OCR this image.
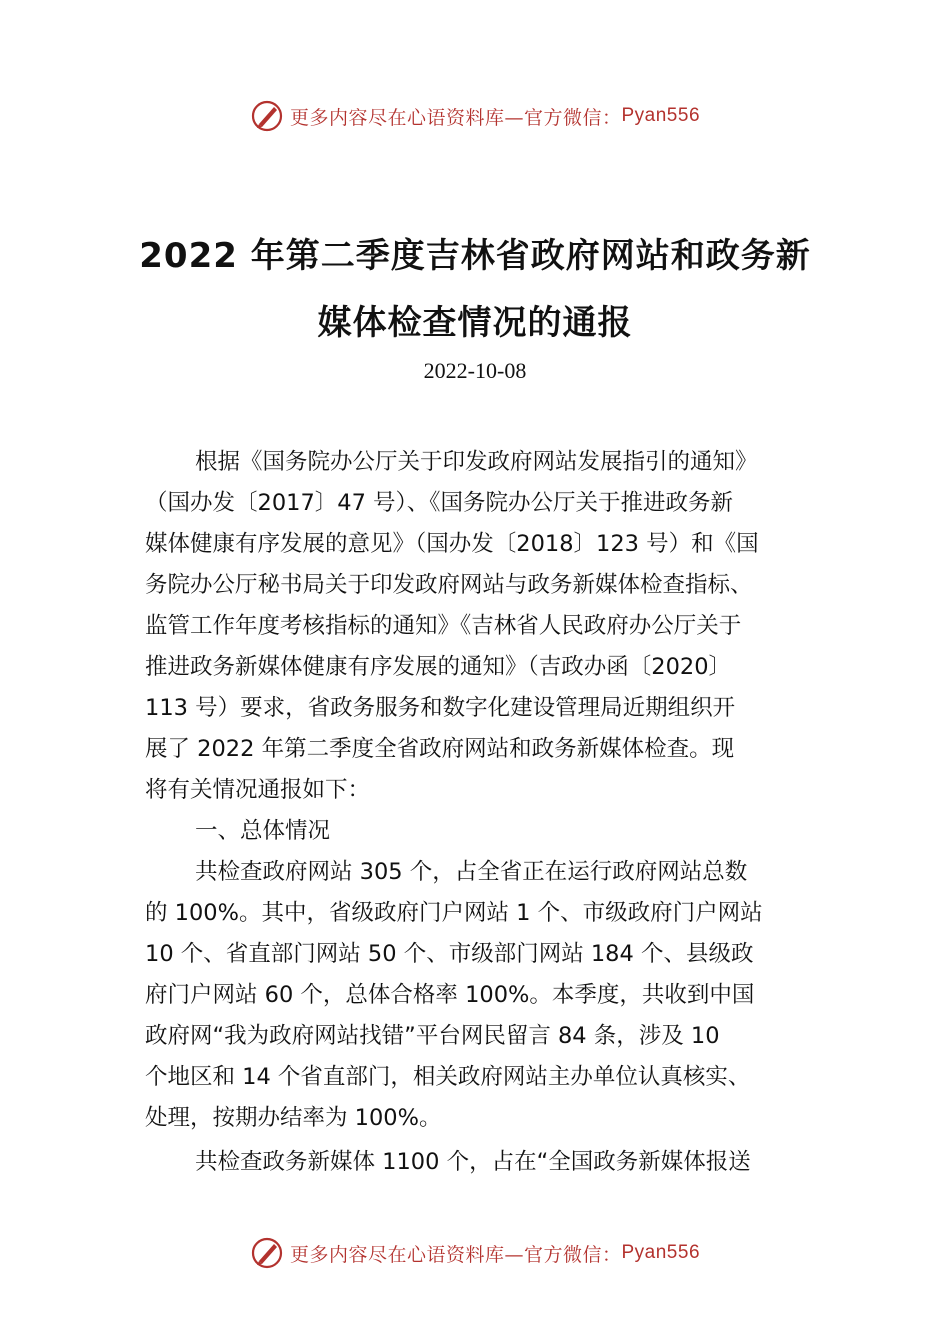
更多内容尽在心语资料库—官方微信： Pyan556
2022 年第二季度吉林省政府网站和政务新
媒体检查情况的通报
2022-10-08
根据《国务院办公厅关于印发政府网站发展指引的通知》
（国办发〔2017〕47 号）、《国务院办公厅关于推进政务新
媒体健康有序发展的意见》（国办发〔2018〕123 号）和《国
务院办公厅秘书局关于印发政府网站与政务新媒体检查指标、
监管工作年度考核指标的通知》《吉林省人民政府办公厅关于
推进政务新媒体健康有序发展的通知》（吉政办函〔2020〕
113 号）要求，省政务服务和数字化建设管理局近期组织开
展了 2022 年第二季度全省政府网站和政务新媒体检查。现
将有关情况通报如下：
一、总体情况
共检查政府网站 305 个，占全省正在运行政府网站总数
的 100%。其中，省级政府门户网站 1 个、市级政府门户网站
10 个、省直部门网站 50 个、市级部门网站 184 个、县级政
府门户网站 60 个，总体合格率 100%。本季度，共收到中国
政府网“我为政府网站找错”平台网民留言 84 条，涉及 10
个地区和 14 个省直部门，相关政府网站主办单位认真核实、
处理，按期办结率为 100%。
共检查政务新媒体 1100 个，占在“全国政务新媒体报送
更多内容尽在心语资料库—官方微信： Pyan556
